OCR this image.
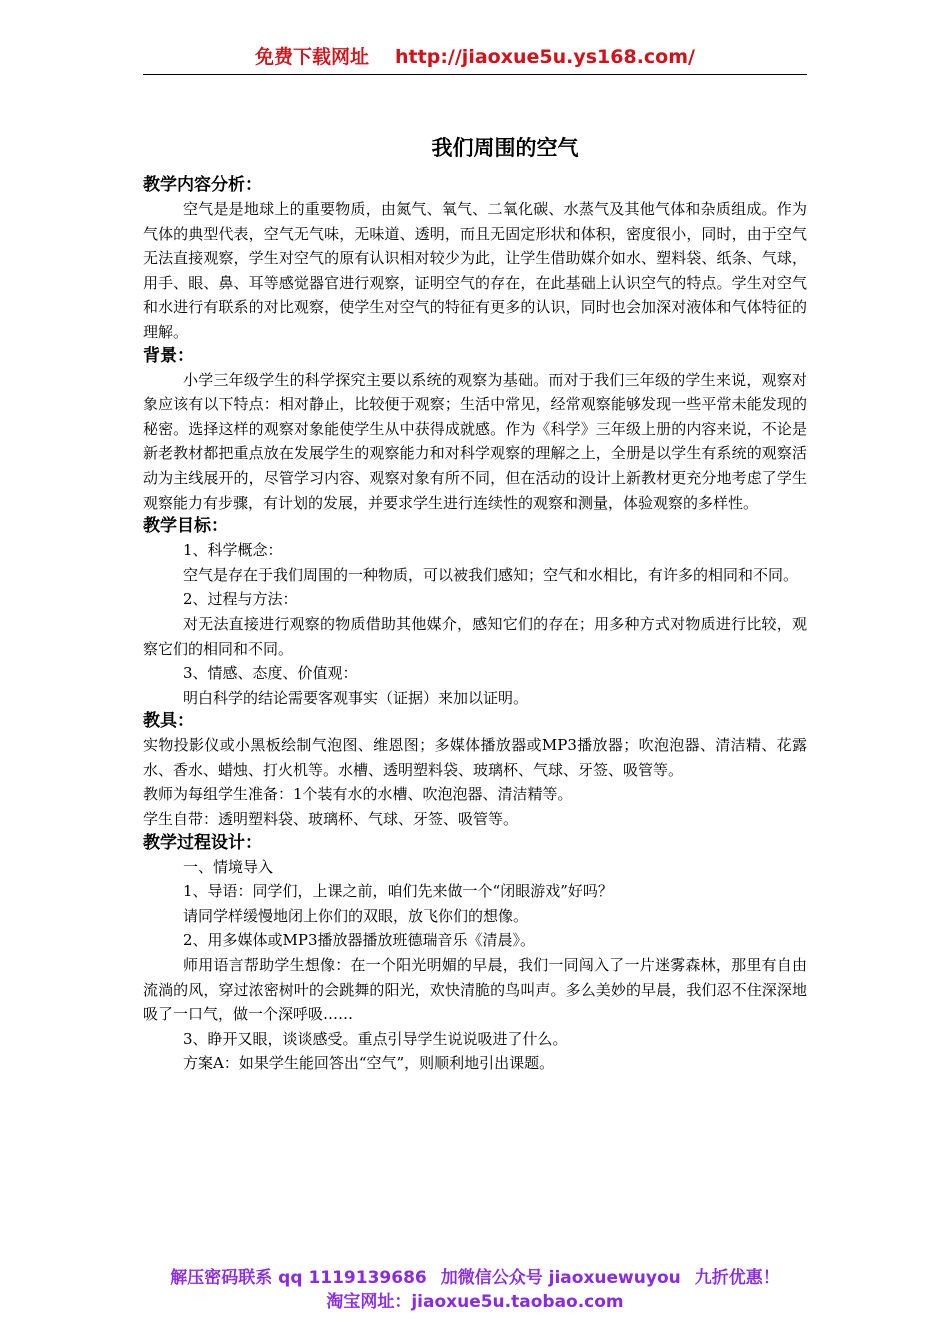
免费下载网址 http://jiaoxue5u.ys168.com/
我们周围的空气

教学内容分析：

空气是是地球上的重要物质，由氮气、氧气、二氧化碳、水蒸气及其他气体和杂质组成。作为气体的典型代表，空气无气味，无味道、透明，而且无固定形状和体积，密度很小，同时，由于空气无法直接观察，学生对空气的原有认识相对较少为此，让学生借助媒介如水、塑料袋、纸条、气球，用手、眼、鼻、耳等感觉器官进行观察，证明空气的存在，在此基础上认识空气的特点。学生对空气和水进行有联系的对比观察，使学生对空气的特征有更多的认识，同时也会加深对液体和气体特征的理解。

背景：

小学三年级学生的科学探究主要以系统的观察为基础。而对于我们三年级的学生来说，观察对象应该有以下特点：相对静止，比较便于观察；生活中常见，经常观察能够发现一些平常未能发现的秘密。选择这样的观察对象能使学生从中获得成就感。作为《科学》三年级上册的内容来说，不论是新老教材都把重点放在发展学生的观察能力和对科学观察的理解之上，全册是以学生有系统的观察活动为主线展开的，尽管学习内容、观察对象有所不同，但在活动的设计上新教材更充分地考虑了学生观察能力有步骤，有计划的发展，并要求学生进行连续性的观察和测量，体验观察的多样性。

教学目标：

1、科学概念：

空气是存在于我们周围的一种物质，可以被我们感知；空气和水相比，有许多的相同和不同。

2、过程与方法：

对无法直接进行观察的物质借助其他媒介，感知它们的存在；用多种方式对物质进行比较，观察它们的相同和不同。

3、情感、态度、价值观：

明白科学的结论需要客观事实（证据）来加以证明。

教具：

实物投影仪或小黑板绘制气泡图、维恩图；多媒体播放器或MP3播放器；吹泡泡器、清洁精、花露水、香水、蜡烛、打火机等。水槽、透明塑料袋、玻璃杯、气球、牙签、吸管等。

教师为每组学生准备：1个装有水的水槽、吹泡泡器、清洁精等。

学生自带：透明塑料袋、玻璃杯、气球、牙签、吸管等。

教学过程设计：

一、情境导入

1、导语：同学们，上课之前，咱们先来做一个“闭眼游戏”好吗？

请同学样缓慢地闭上你们的双眼，放飞你们的想像。

2、用多媒体或MP3播放器播放班德瑞音乐《清晨》。

师用语言帮助学生想像：在一个阳光明媚的早晨，我们一同闯入了一片迷雾森林，那里有自由流淌的风，穿过浓密树叶的会跳舞的阳光，欢快清脆的鸟叫声。多么美妙的早晨，我们忍不住深深地吸了一口气，做一个深呼吸……

3、睁开又眼，谈谈感受。重点引导学生说说吸进了什么。

方案A：如果学生能回答出“空气”，则顺利地引出课题。

解压密码联系 qq 1119139686 加微信公众号 jiaoxuewuyou 九折优惠！
淘宝网址：jiaoxue5u.taobao.com
